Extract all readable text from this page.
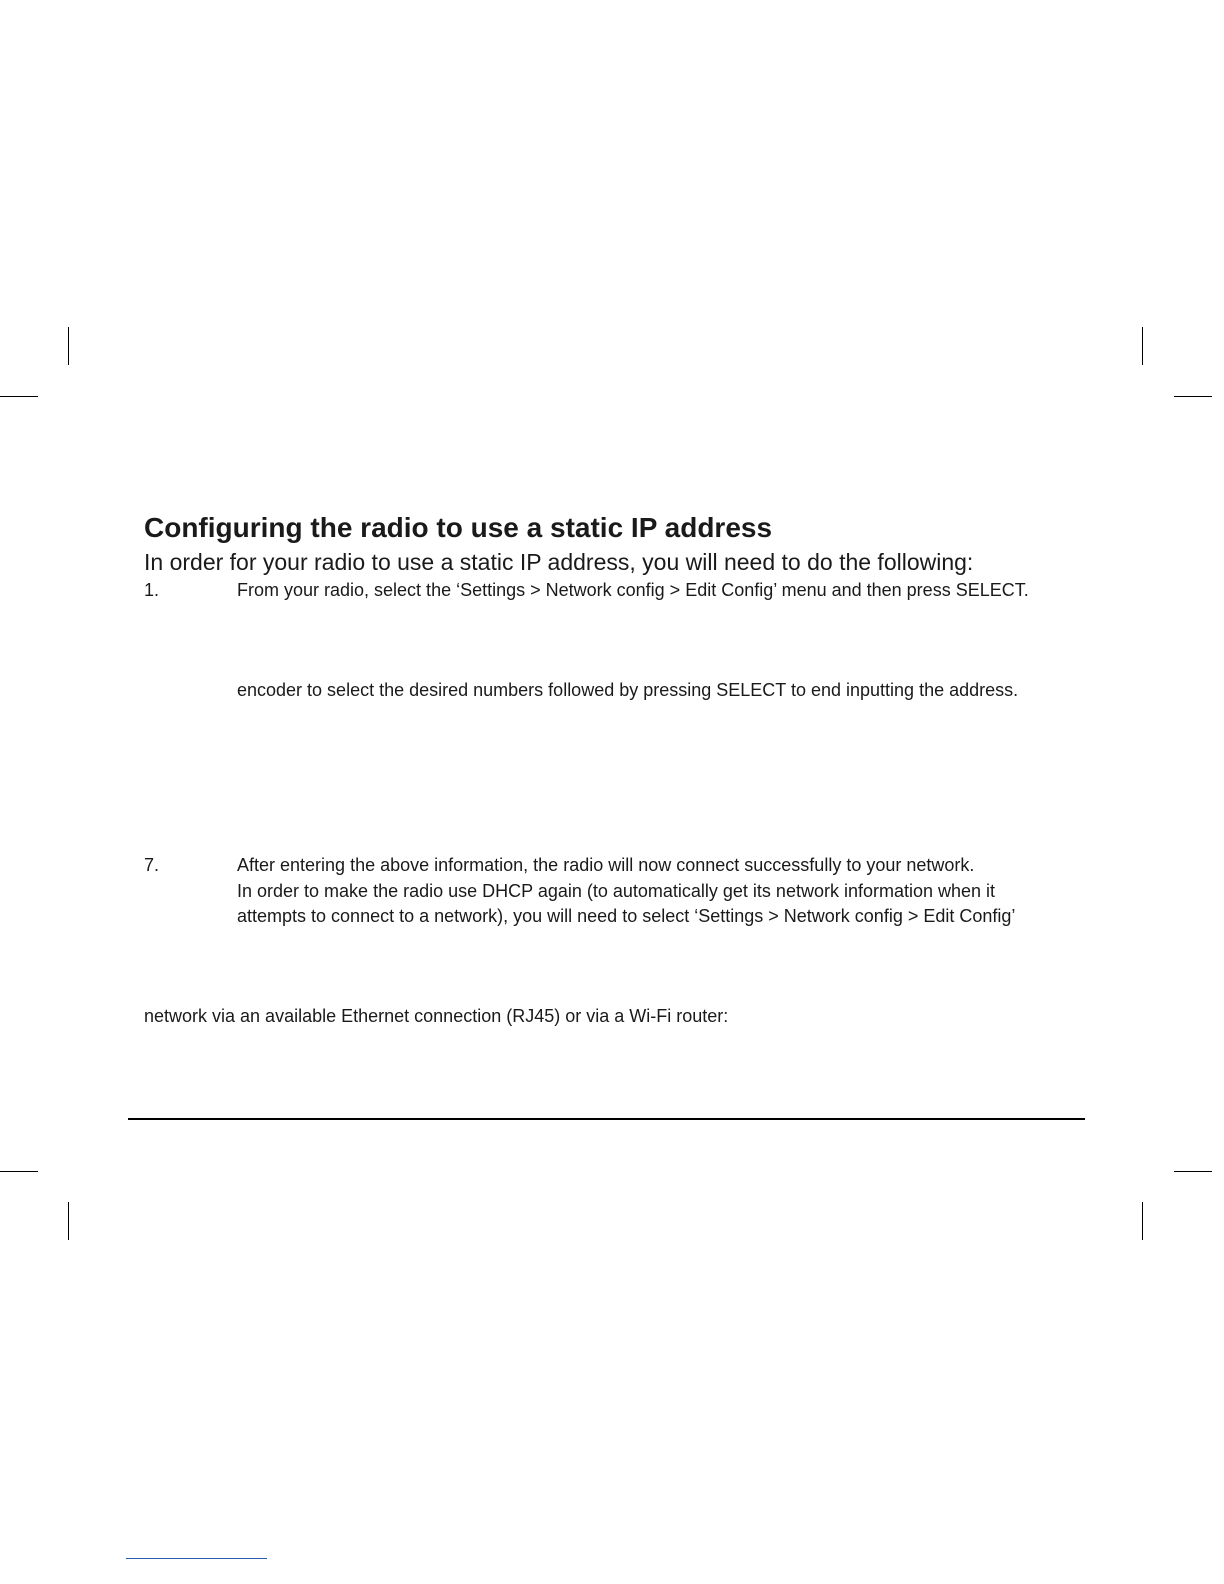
Configuring the radio to use a static IP address

In order for your radio to use a static IP address, you will need to do the following:

1.	From your radio, select the ‘Settings > Network config > Edit Config’ menu and then press SELECT.

encoder to select the desired numbers followed by pressing SELECT to end inputting the address.

7.	After entering the above information, the radio will now connect successfully to your network.

In order to make the radio use DHCP again (to automatically get its network information when it

attempts to connect to a network), you will need to select ‘Settings > Network config > Edit Config’

network via an available Ethernet connection (RJ45) or via a Wi-Fi router:
